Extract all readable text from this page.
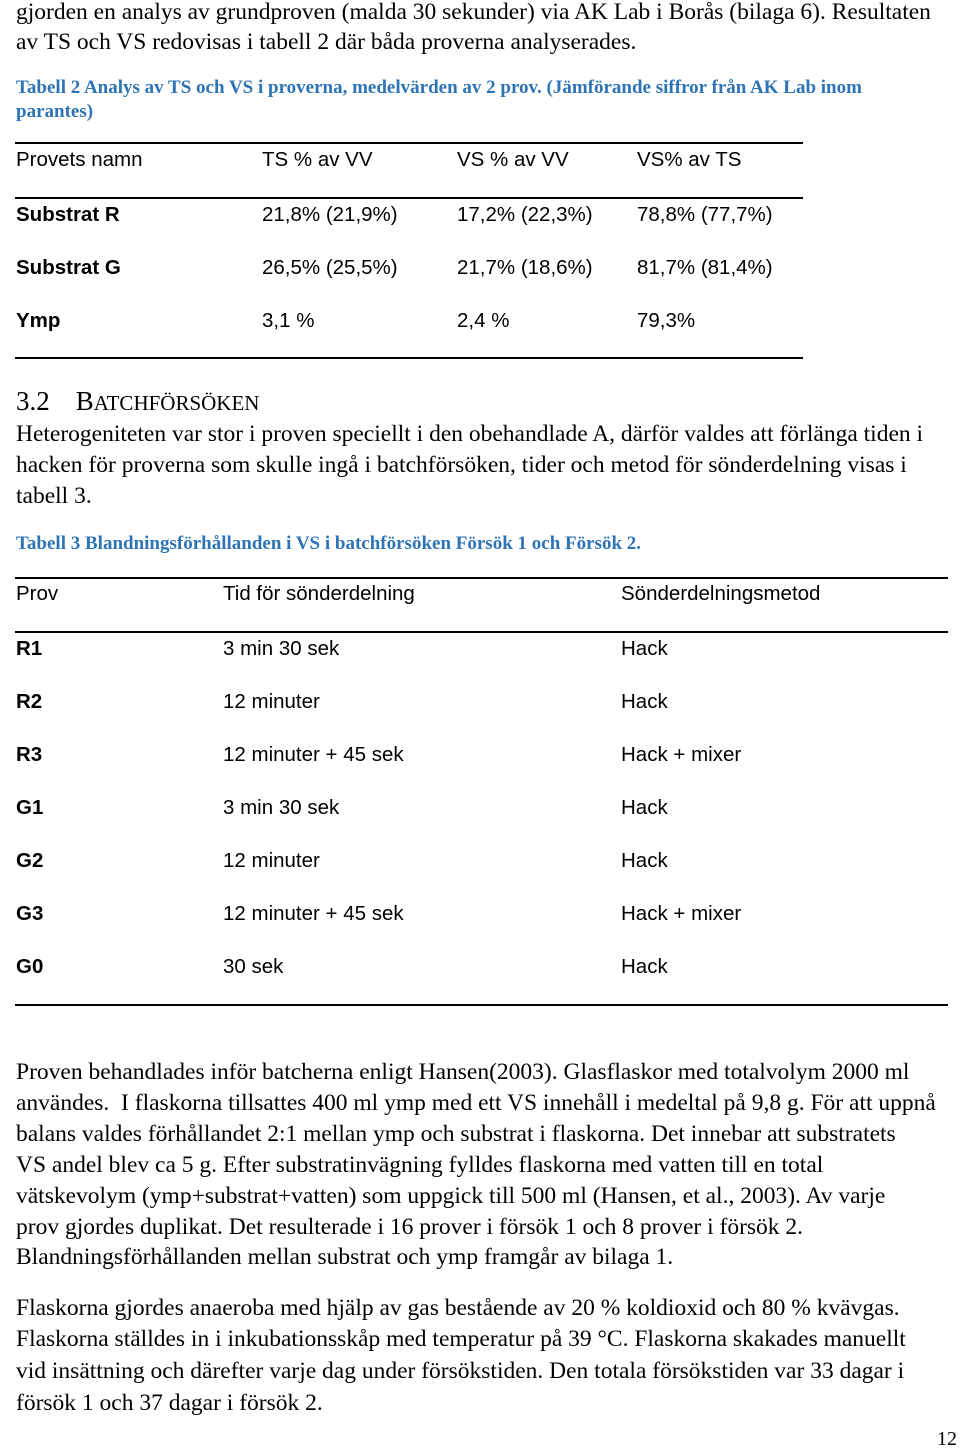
gjorden en analys av grundproven (malda 30 sekunder) via AK Lab i Borås (bilaga 6). Resultaten
av TS och VS redovisas i tabell 2 där båda proverna analyserades.
Tabell 2 Analys av TS och VS i proverna, medelvärden av 2 prov. (Jämförande siffror från AK Lab inom
parantes)
Provets namn	TS % av VV	VS % av VV	VS% av TS
Substrat R	21,8% (21,9%)	17,2% (22,3%) 78,8% (77,7%)
Substrat G	26,5% (25,5%)	21,7% (18,6%) 81,7% (81,4%)
Ymp	3,1 %	2,4 %	79,3%
3.2 BATCHFÖRSÖKEN
Heterogeniteten var stor i proven speciellt i den obehandlade A, därför valdes att förlänga tiden i
hacken för proverna som skulle ingå i batchförsöken, tider och metod för sönderdelning visas i
tabell 3.
Tabell 3 Blandningsförhållanden i VS i batchförsöken Försök 1 och Försök 2.
Prov	Tid för sönderdelning	Sönderdelningsmetod
R1	3 min 30 sek	Hack
R2	12 minuter	Hack
R3	12 minuter + 45 sek	Hack + mixer
G1	3 min 30 sek	Hack
G2	12 minuter	Hack
G3	12 minuter + 45 sek	Hack + mixer
G0	30 sek	Hack
Proven behandlades inför batcherna enligt Hansen(2003). Glasflaskor med totalvolym 2000 ml
användes.  I flaskorna tillsattes 400 ml ymp med ett VS innehåll i medeltal på 9,8 g. För att uppnå
balans valdes förhållandet 2:1 mellan ymp och substrat i flaskorna. Det innebar att substratets
VS andel blev ca 5 g. Efter substratinvägning fylldes flaskorna med vatten till en total
vätskevolym (ymp+substrat+vatten) som uppgick till 500 ml (Hansen, et al., 2003). Av varje
prov gjordes duplikat. Det resulterade i 16 prover i försök 1 och 8 prover i försök 2.
Blandningsförhållanden mellan substrat och ymp framgår av bilaga 1.
Flaskorna gjordes anaeroba med hjälp av gas bestående av 20 % koldioxid och 80 % kvävgas.
Flaskorna ställdes in i inkubationsskåp med temperatur på 39 °C. Flaskorna skakades manuellt
vid insättning och därefter varje dag under försökstiden. Den totala försökstiden var 33 dagar i
försök 1 och 37 dagar i försök 2.
12
